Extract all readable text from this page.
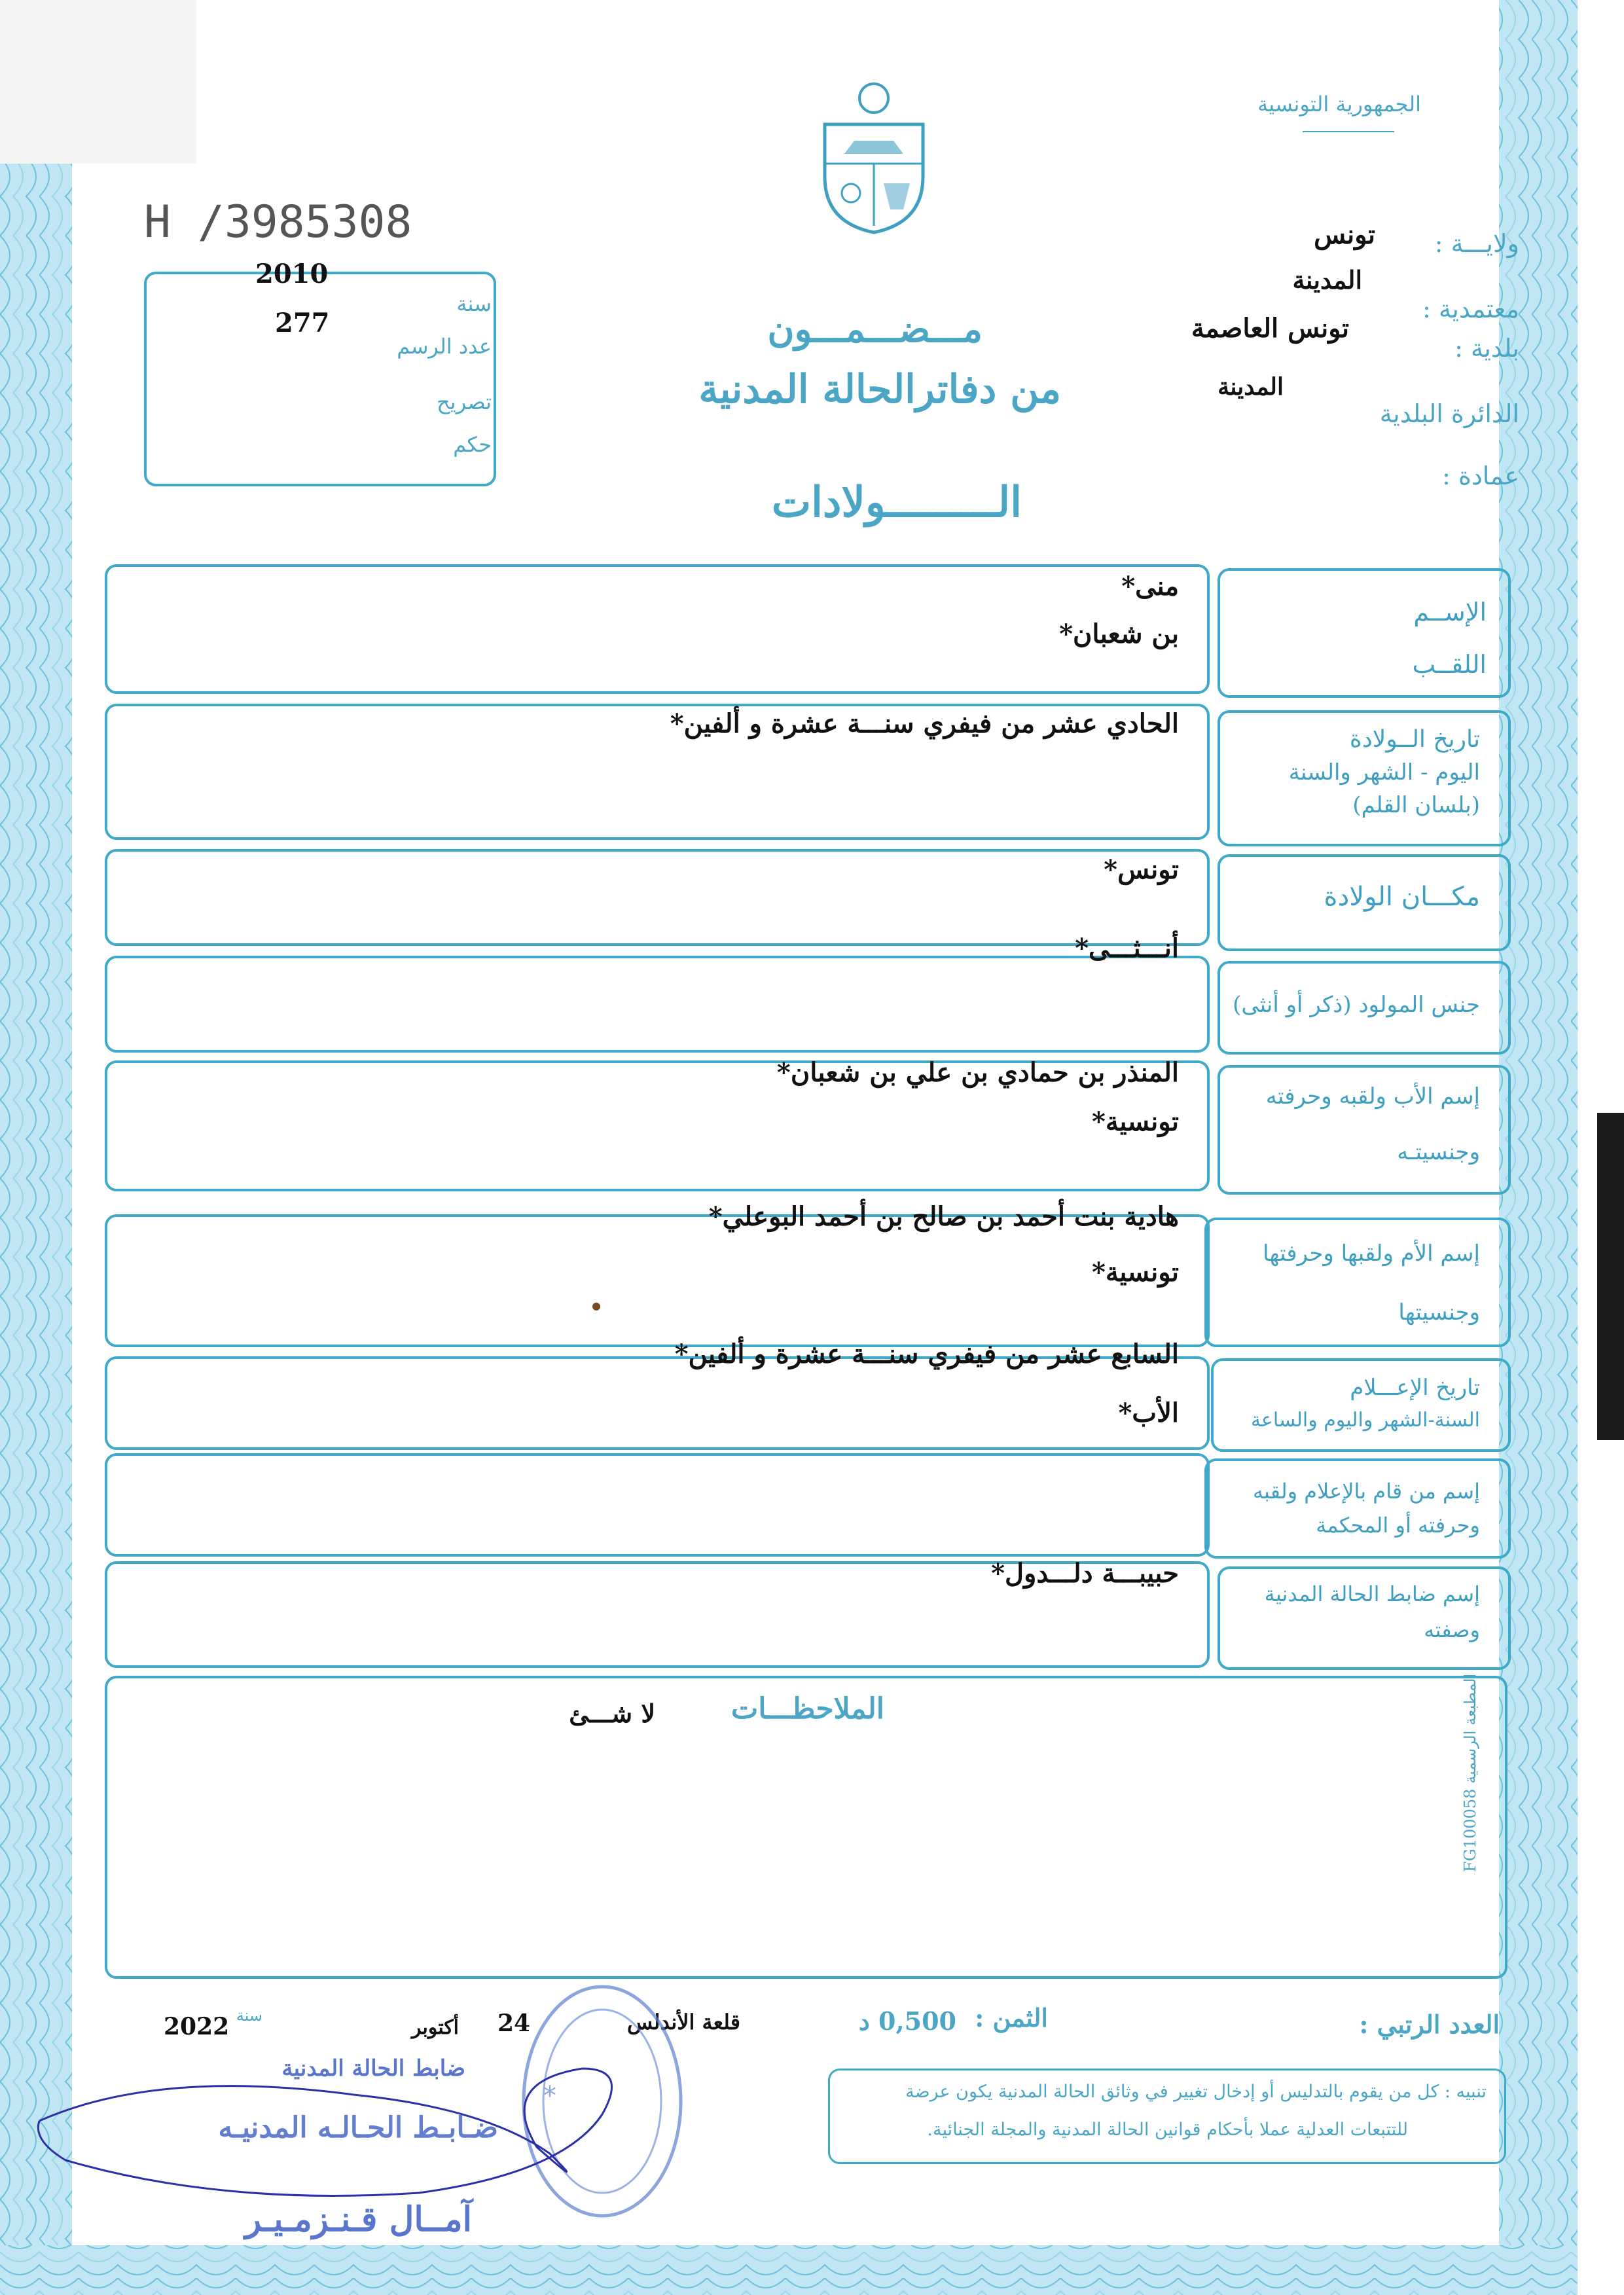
الجمهورية التونسية
H /3985308
2010
سنة
277
عدد الرسم
تصريح
حكم
مـــضـــمـــون
من دفاترالحالة المدنية
الـــــــــولادات
ولايـــة :
تونس
المدينة
معتمدية :
تونس العاصمة
بلدية :
المدينة
الدائرة البلدية
عمادة :
الإســم
اللقــب
منى*
بن شعبان*
تاريخ الــولادة
اليوم - الشهر والسنة
(بلسان القلم)
الحادي عشر من فيفري سنـــة عشرة و ألفين*
مكـــان الولادة
تونس*
جنس المولود (ذكر أو أنثى)
أنـــثـــى*
إسم الأب ولقبه وحرفته
وجنسيتـه
المنذر بن حمادي بن علي بن شعبان*
تونسية*
إسم الأم ولقبها وحرفتها
وجنسيتها
هادية بنت أحمد بن صالح بن أحمد البوعلي*
تونسية*
تاريخ الإعـــلام
السنة-الشهر واليوم والساعة
السابع عشر من فيفري سنـــة عشرة و ألفين*
إسم من قام بالإعلام ولقبه
وحرفته أو المحكمة
الأب*
إسم ضابط الحالة المدنية
وصفته
حبيبـــة دلـــدول*
الملاحظـــات
لا شـــئ
المطبعة الرسمية FG100058
العدد الرتبي :
الثمن :
0,500 د
قلعة الأندلس
24
أكتوبر
سنة
2022
تنبيه : كل من يقوم بالتدليس أو إدخال تغيير في وثائق الحالة المدنية يكون عرضة
للتتبعات العدلية عملا بأحكام قوانين الحالة المدنية والمجلة الجنائية.
*
ضابط الحالة المدنية
ضـابـط الحـالـه المدنيـه
آمــال قـنـزمـيـر
